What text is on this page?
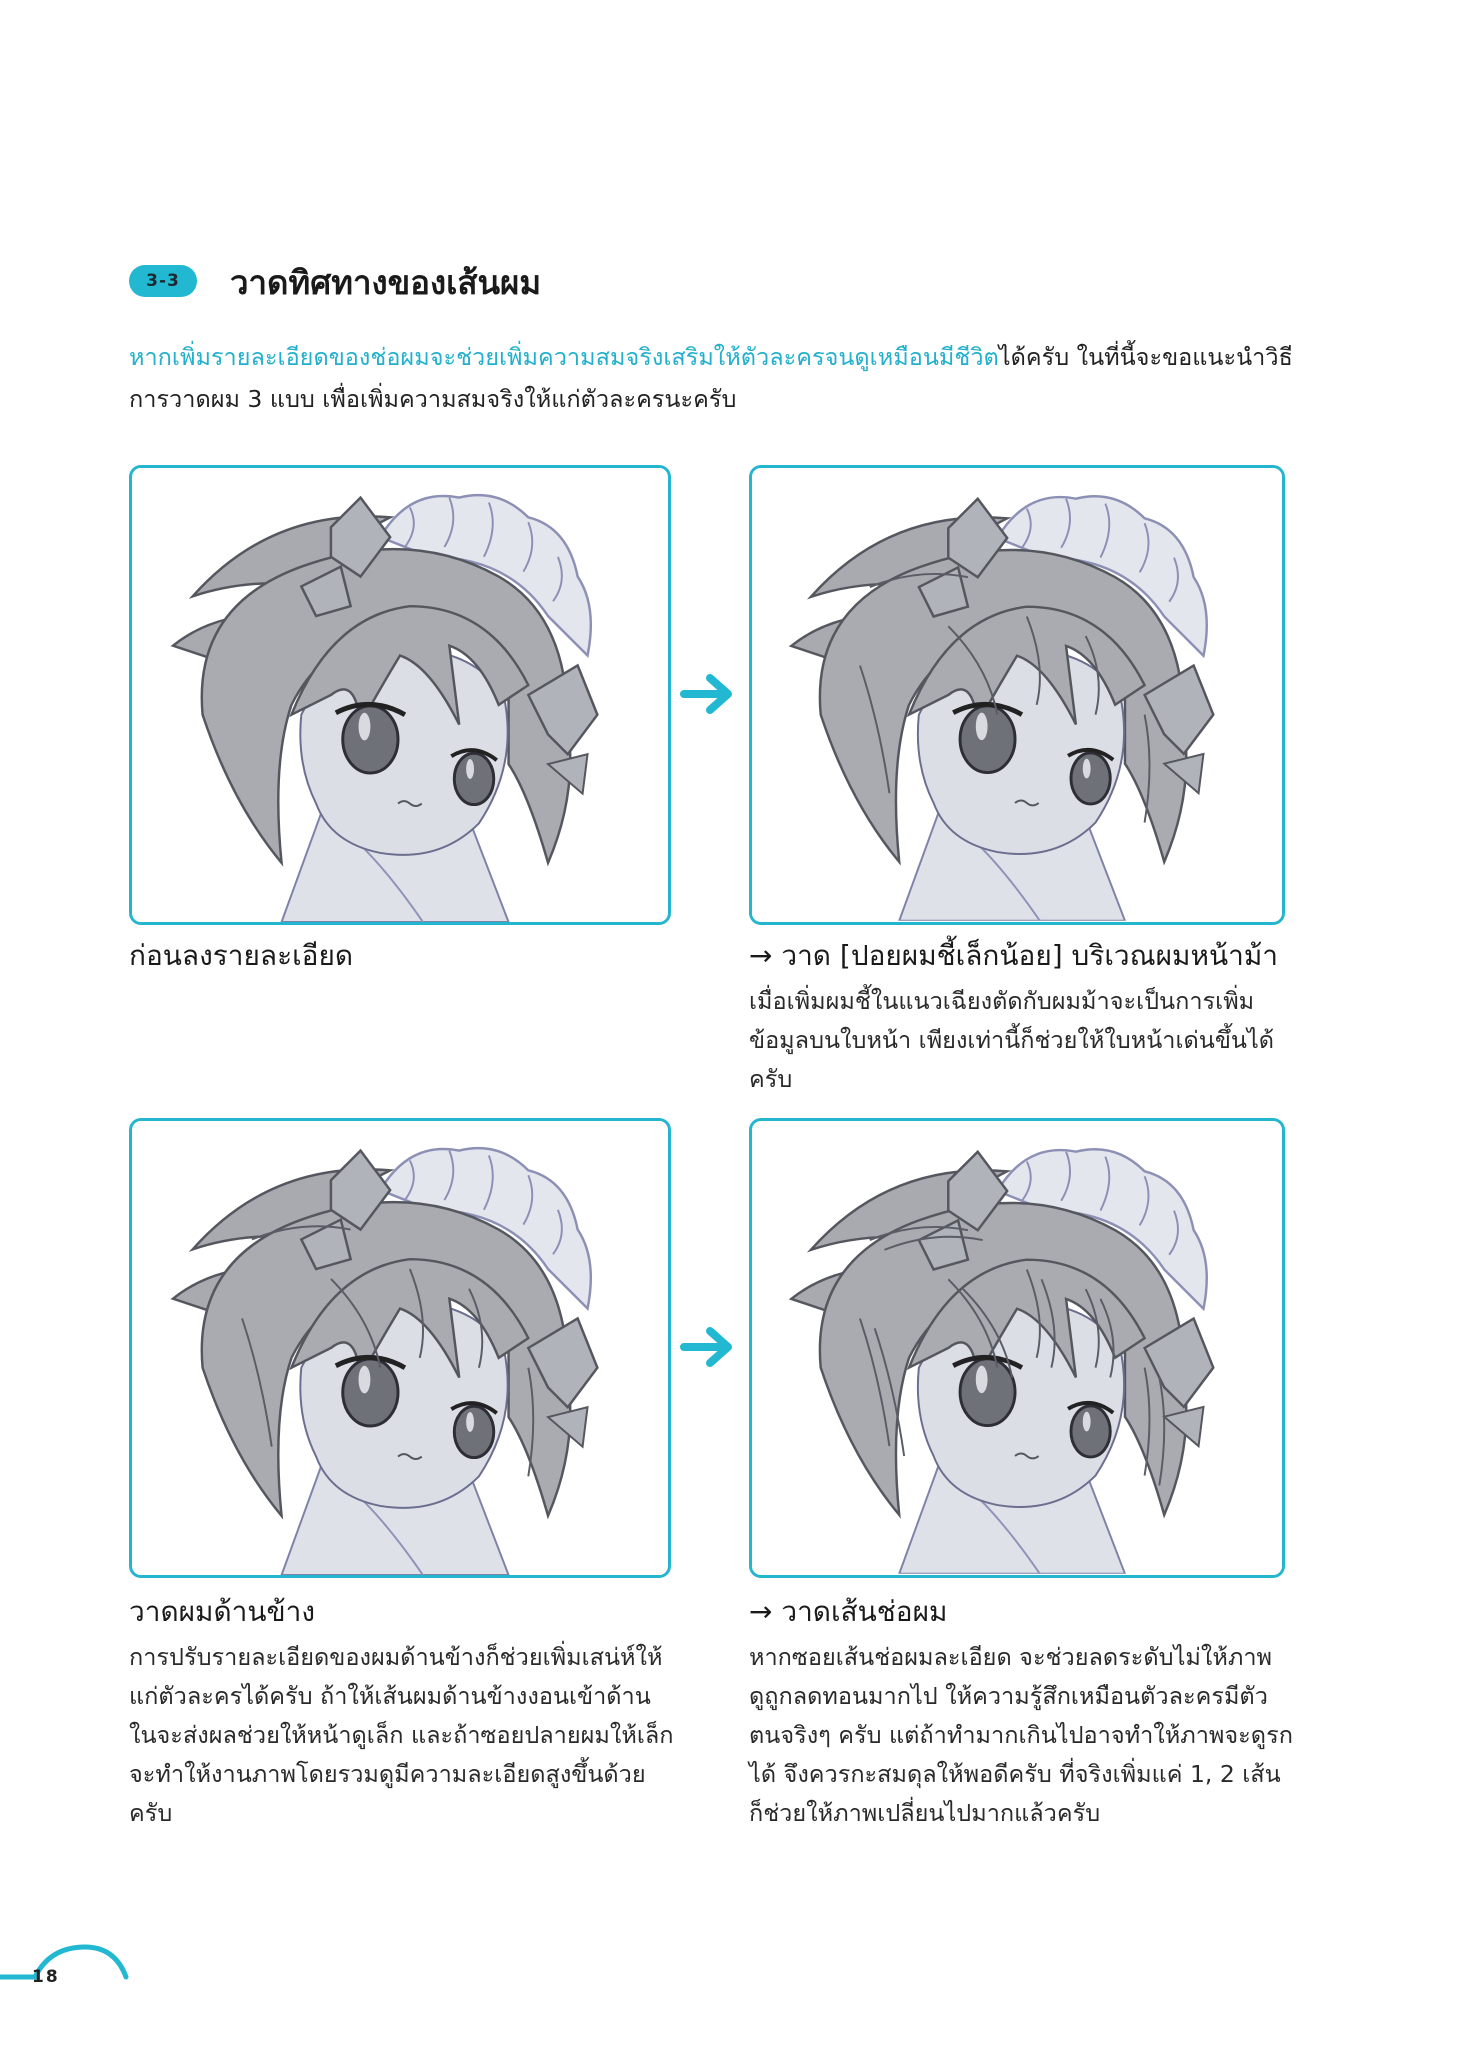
3-3 วาดทิศทางของเส้นผม
หากเพิ่มรายละเอียดของช่อผมจะช่วยเพิ่มความสมจริงเสริมให้ตัวละครจนดูเหมือนมีชีวิตได้ครับ ในที่นี้จะขอแนะนำวิธีการวาดผม 3 แบบ เพื่อเพิ่มความสมจริงให้แก่ตัวละครนะครับ
ก่อนลงรายละเอียด	→ วาด [ปอยผมชี้เล็กน้อย] บริเวณผมหน้าม้า
เมื่อเพิ่มผมชี้ในแนวเฉียงตัดกับผมม้าจะเป็นการเพิ่มข้อมูลบนใบหน้า เพียงเท่านี้ก็ช่วยให้ใบหน้าเด่นขึ้นได้ครับ
วาดผมด้านข้าง
การปรับรายละเอียดของผมด้านข้างก็ช่วยเพิ่มเสน่ห์ให้แก่ตัวละครได้ครับ ถ้าให้เส้นผมด้านข้างงอนเข้าด้านในจะส่งผลช่วยให้หน้าดูเล็ก และถ้าซอยปลายผมให้เล็กจะทำให้งานภาพโดยรวมดูมีความละเอียดสูงขึ้นด้วยครับ
→ วาดเส้นช่อผม
หากซอยเส้นช่อผมละเอียด จะช่วยลดระดับไม่ให้ภาพดูถูกลดทอนมากไป ให้ความรู้สึกเหมือนตัวละครมีตัวตนจริงๆ ครับ แต่ถ้าทำมากเกินไปอาจทำให้ภาพจะดูรกได้ จึงควรกะสมดุลให้พอดีครับ ที่จริงเพิ่มแค่ 1, 2 เส้นก็ช่วยให้ภาพเปลี่ยนไปมากแล้วครับ
18
